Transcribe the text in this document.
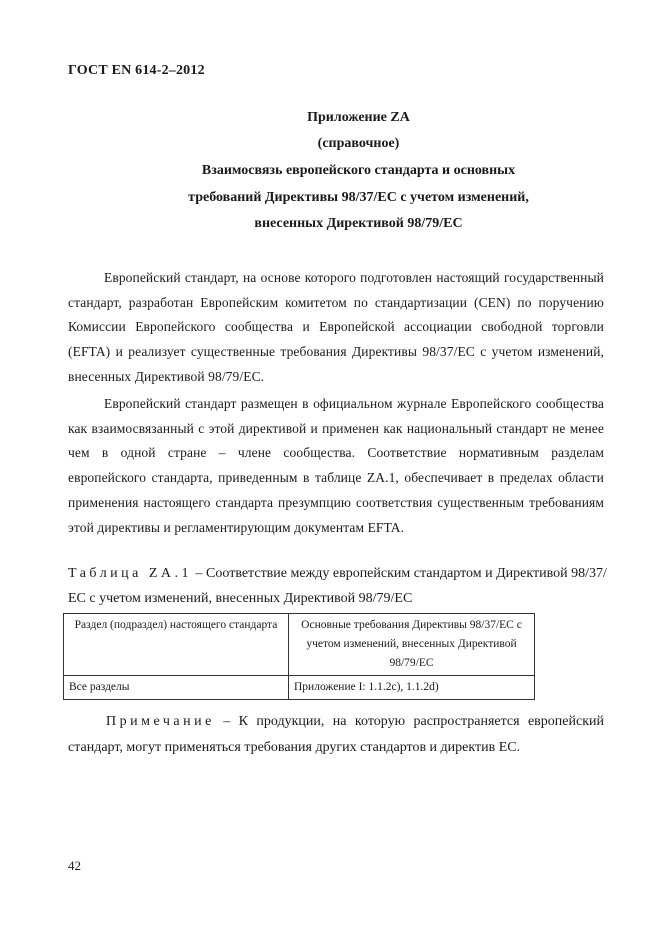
ГОСТ EN 614-2–2012
Приложение ZA
(справочное)
Взаимосвязь европейского стандарта и основных
требований Директивы 98/37/ЕС с учетом изменений,
внесенных Директивой 98/79/ЕС

Европейский стандарт, на основе которого подготовлен настоящий государственный стандарт, разработан Европейским комитетом по стандартизации (CEN) по поручению Комиссии Европейского сообщества и Европейской ассоциации свободной торговли (EFTA) и реализует существенные требования Директивы 98/37/ЕС с учетом изменений, внесенных Директивой 98/79/ЕС.

Европейский стандарт размещен в официальном журнале Европейского сообщества как взаимосвязанный с этой директивой и применен как национальный стандарт не менее чем в одной стране – члене сообщества. Соответствие нормативным разделам европейского стандарта, приведенным в таблице ZA.1, обеспечивает в пределах области применения настоящего стандарта презумпцию соответствия существенным требованиям этой директивы и регламентирующим документам EFTA.

Таблица ZA.1 – Соответствие между европейским стандартом и Директивой 98/37/ЕС с учетом изменений, внесенных Директивой 98/79/ЕС
Раздел (подраздел) настоящего стандарта	Основные требования Директивы 98/37/ЕС с учетом изменений, внесенных Директивой 98/79/ЕС
Все разделы	Приложение I: 1.1.2c), 1.1.2d)

Примечание – К продукции, на которую распространяется европейский стандарт, могут применяться требования других стандартов и директив ЕС.

42
